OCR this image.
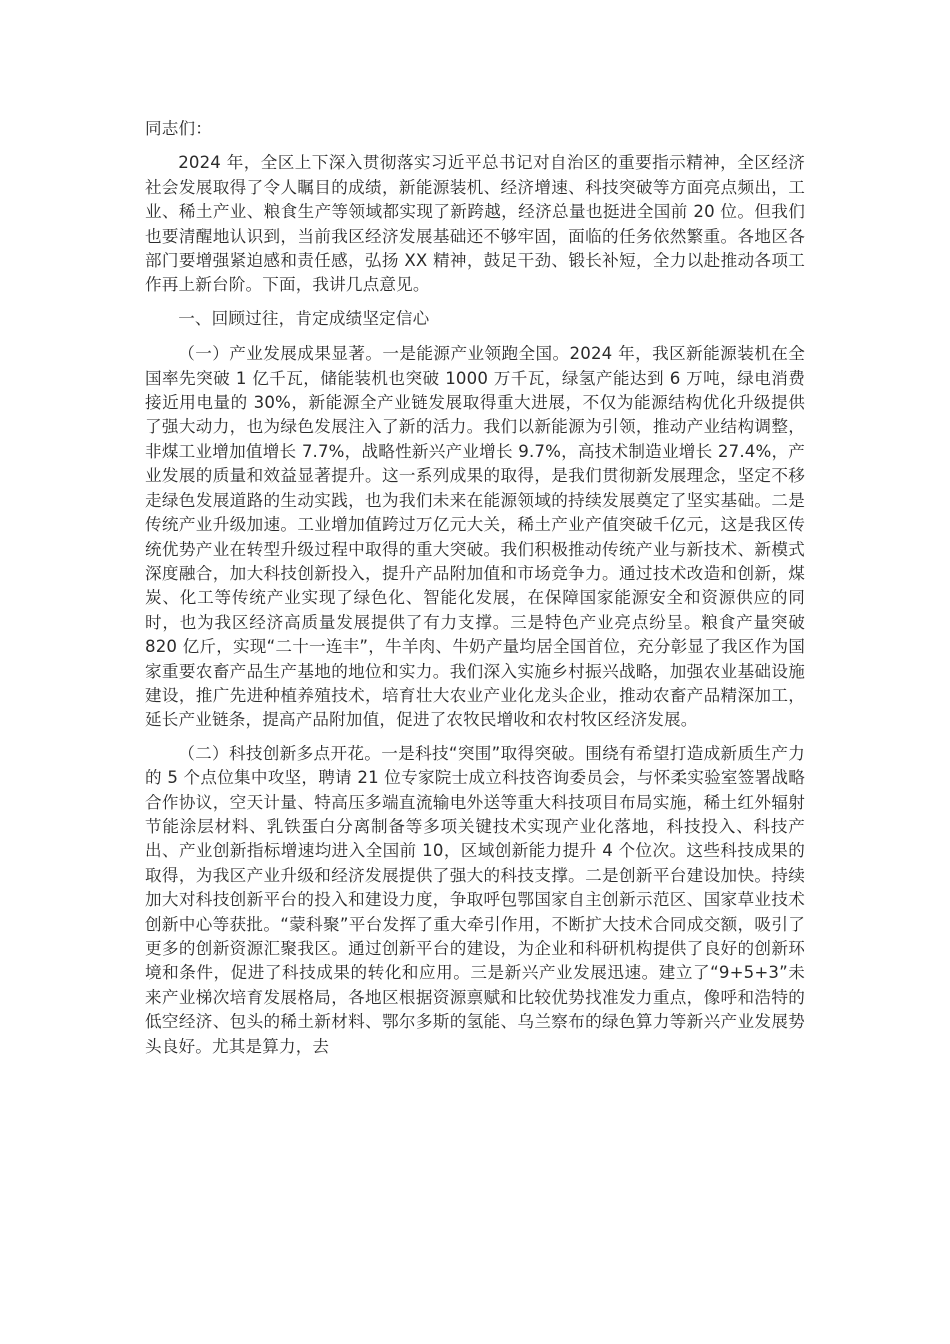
同志们：

2024 年，全区上下深入贯彻落实习近平总书记对自治区的重要指示精神，全区经济社会发展取得了令人瞩目的成绩，新能源装机、经济增速、科技突破等方面亮点频出，工业、稀土产业、粮食生产等领域都实现了新跨越，经济总量也挺进全国前 20 位。但我们也要清醒地认识到，当前我区经济发展基础还不够牢固，面临的任务依然繁重。各地区各部门要增强紧迫感和责任感，弘扬 XX 精神，鼓足干劲、锻长补短，全力以赴推动各项工作再上新台阶。下面，我讲几点意见。

一、回顾过往，肯定成绩坚定信心

（一）产业发展成果显著。一是能源产业领跑全国。2024 年，我区新能源装机在全国率先突破 1 亿千瓦，储能装机也突破 1000 万千瓦，绿氢产能达到 6 万吨，绿电消费接近用电量的 30%，新能源全产业链发展取得重大进展，不仅为能源结构优化升级提供了强大动力，也为绿色发展注入了新的活力。我们以新能源为引领，推动产业结构调整，非煤工业增加值增长 7.7%，战略性新兴产业增长 9.7%，高技术制造业增长 27.4%，产业发展的质量和效益显著提升。这一系列成果的取得，是我们贯彻新发展理念，坚定不移走绿色发展道路的生动实践，也为我们未来在能源领域的持续发展奠定了坚实基础。二是传统产业升级加速。工业增加值跨过万亿元大关，稀土产业产值突破千亿元，这是我区传统优势产业在转型升级过程中取得的重大突破。我们积极推动传统产业与新技术、新模式深度融合，加大科技创新投入，提升产品附加值和市场竞争力。通过技术改造和创新，煤炭、化工等传统产业实现了绿色化、智能化发展，在保障国家能源安全和资源供应的同时，也为我区经济高质量发展提供了有力支撑。三是特色产业亮点纷呈。粮食产量突破 820 亿斤，实现“二十一连丰”，牛羊肉、牛奶产量均居全国首位，充分彰显了我区作为国家重要农畜产品生产基地的地位和实力。我们深入实施乡村振兴战略，加强农业基础设施建设，推广先进种植养殖技术，培育壮大农业产业化龙头企业，推动农畜产品精深加工，延长产业链条，提高产品附加值，促进了农牧民增收和农村牧区经济发展。

（二）科技创新多点开花。一是科技“突围”取得突破。围绕有希望打造成新质生产力的 5 个点位集中攻坚，聘请 21 位专家院士成立科技咨询委员会，与怀柔实验室签署战略合作协议，空天计量、特高压多端直流输电外送等重大科技项目布局实施，稀土红外辐射节能涂层材料、乳铁蛋白分离制备等多项关键技术实现产业化落地，科技投入、科技产出、产业创新指标增速均进入全国前 10，区域创新能力提升 4 个位次。这些科技成果的取得，为我区产业升级和经济发展提供了强大的科技支撑。二是创新平台建设加快。持续加大对科技创新平台的投入和建设力度，争取呼包鄂国家自主创新示范区、国家草业技术创新中心等获批。“蒙科聚”平台发挥了重大牵引作用，不断扩大技术合同成交额，吸引了更多的创新资源汇聚我区。通过创新平台的建设，为企业和科研机构提供了良好的创新环境和条件，促进了科技成果的转化和应用。三是新兴产业发展迅速。建立了“9+5+3”未来产业梯次培育发展格局，各地区根据资源禀赋和比较优势找准发力重点，像呼和浩特的低空经济、包头的稀土新材料、鄂尔多斯的氢能、乌兰察布的绿色算力等新兴产业发展势头良好。尤其是算力，去
